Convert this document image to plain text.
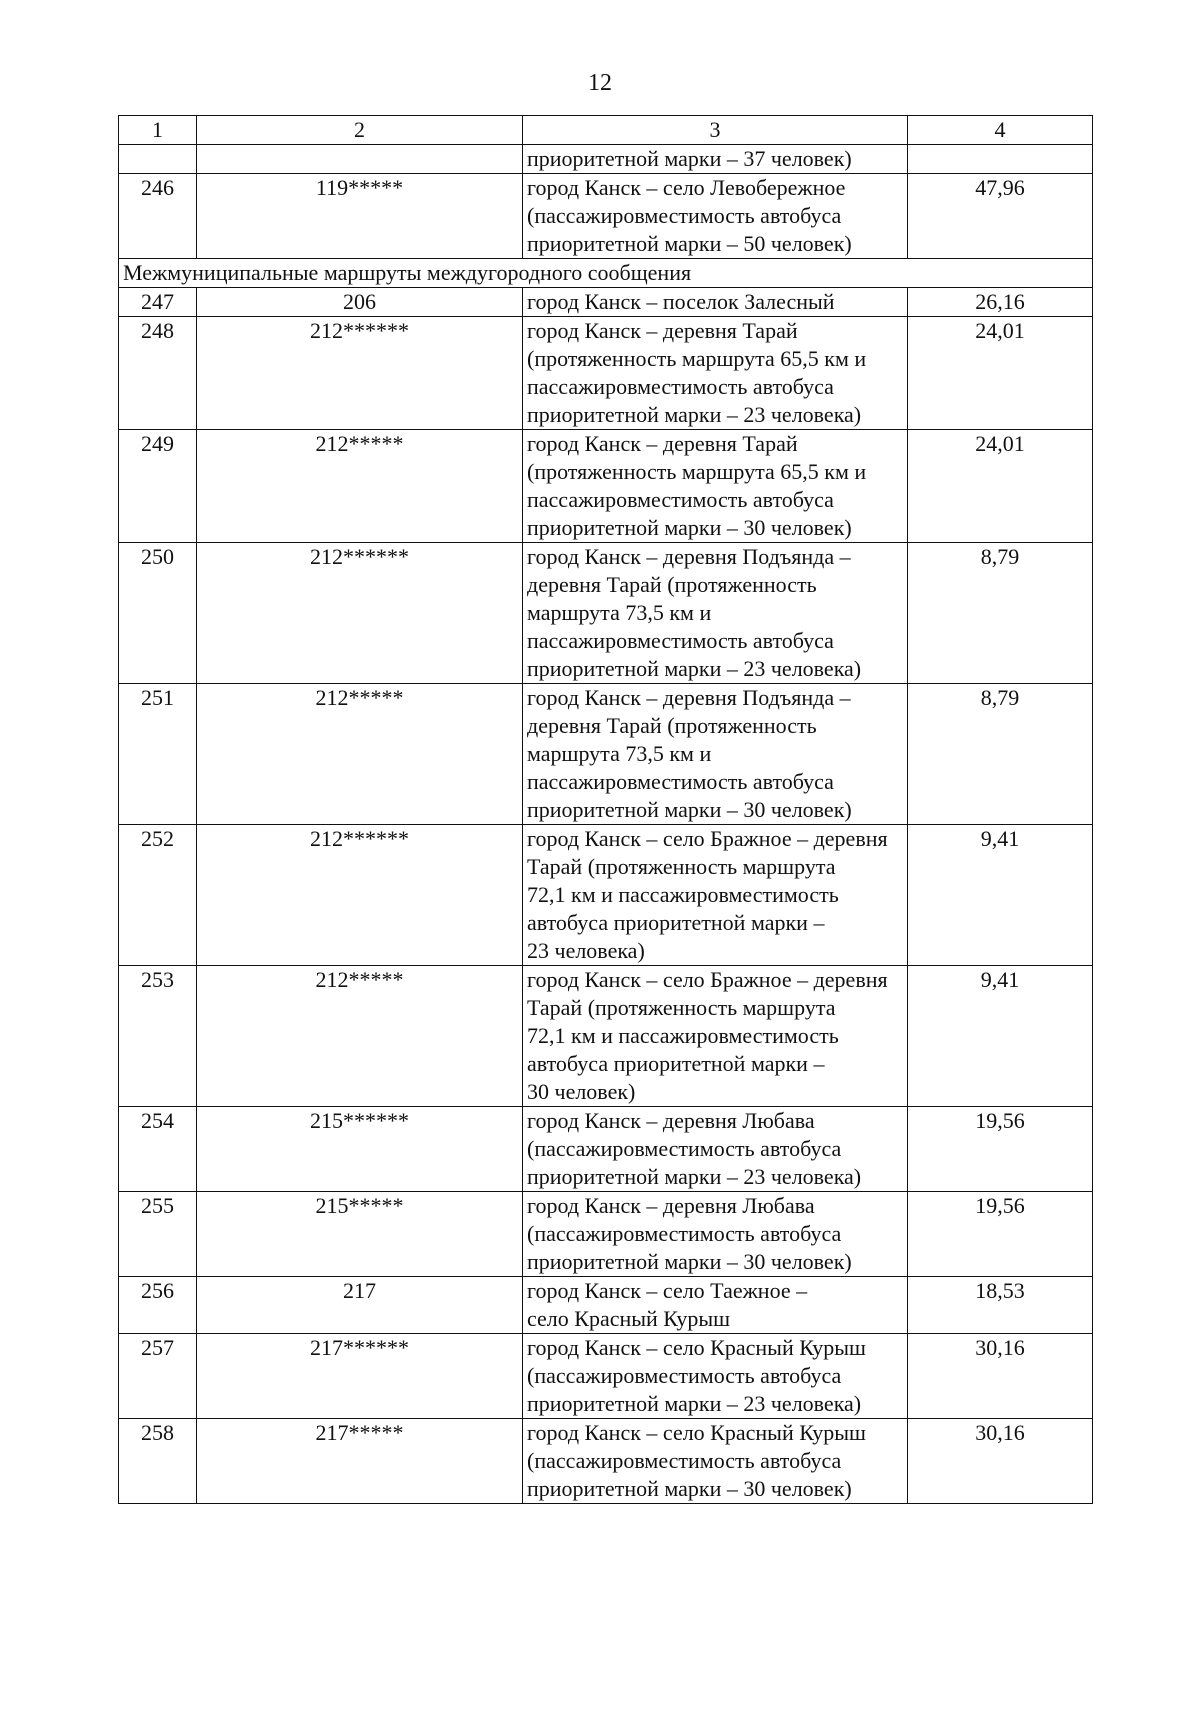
12
1	2	3	4
		приоритетной марки – 37 человек)	
246	119*****	город Канск – село Левобережное
(пассажировместимость автобуса
приоритетной марки – 50 человек)	47,96
Межмуниципальные маршруты междугородного сообщения			
247	206	город Канск – поселок Залесный	26,16
248	212******	город Канск – деревня Тарай
(протяженность маршрута 65,5 км и
пассажировместимость автобуса
приоритетной марки – 23 человека)	24,01
249	212*****	город Канск – деревня Тарай
(протяженность маршрута 65,5 км и
пассажировместимость автобуса
приоритетной марки – 30 человек)	24,01
250	212******	город Канск – деревня Подъянда –
деревня Тарай (протяженность
маршрута 73,5 км и
пассажировместимость автобуса
приоритетной марки – 23 человека)	8,79
251	212*****	город Канск – деревня Подъянда –
деревня Тарай (протяженность
маршрута 73,5 км и
пассажировместимость автобуса
приоритетной марки – 30 человек)	8,79
252	212******	город Канск – село Бражное – деревня
Тарай (протяженность маршрута
72,1 км и пассажировместимость
автобуса приоритетной марки –
23 человека)	9,41
253	212*****	город Канск – село Бражное – деревня
Тарай (протяженность маршрута
72,1 км и пассажировместимость
автобуса приоритетной марки –
30 человек)	9,41
254	215******	город Канск – деревня Любава
(пассажировместимость автобуса
приоритетной марки – 23 человека)	19,56
255	215*****	город Канск – деревня Любава
(пассажировместимость автобуса
приоритетной марки – 30 человек)	19,56
256	217	город Канск – село Таежное –
село Красный Курыш	18,53
257	217******	город Канск – село Красный Курыш
(пассажировместимость автобуса
приоритетной марки – 23 человека)	30,16
258	217*****	город Канск – село Красный Курыш
(пассажировместимость автобуса
приоритетной марки – 30 человек)	30,16
